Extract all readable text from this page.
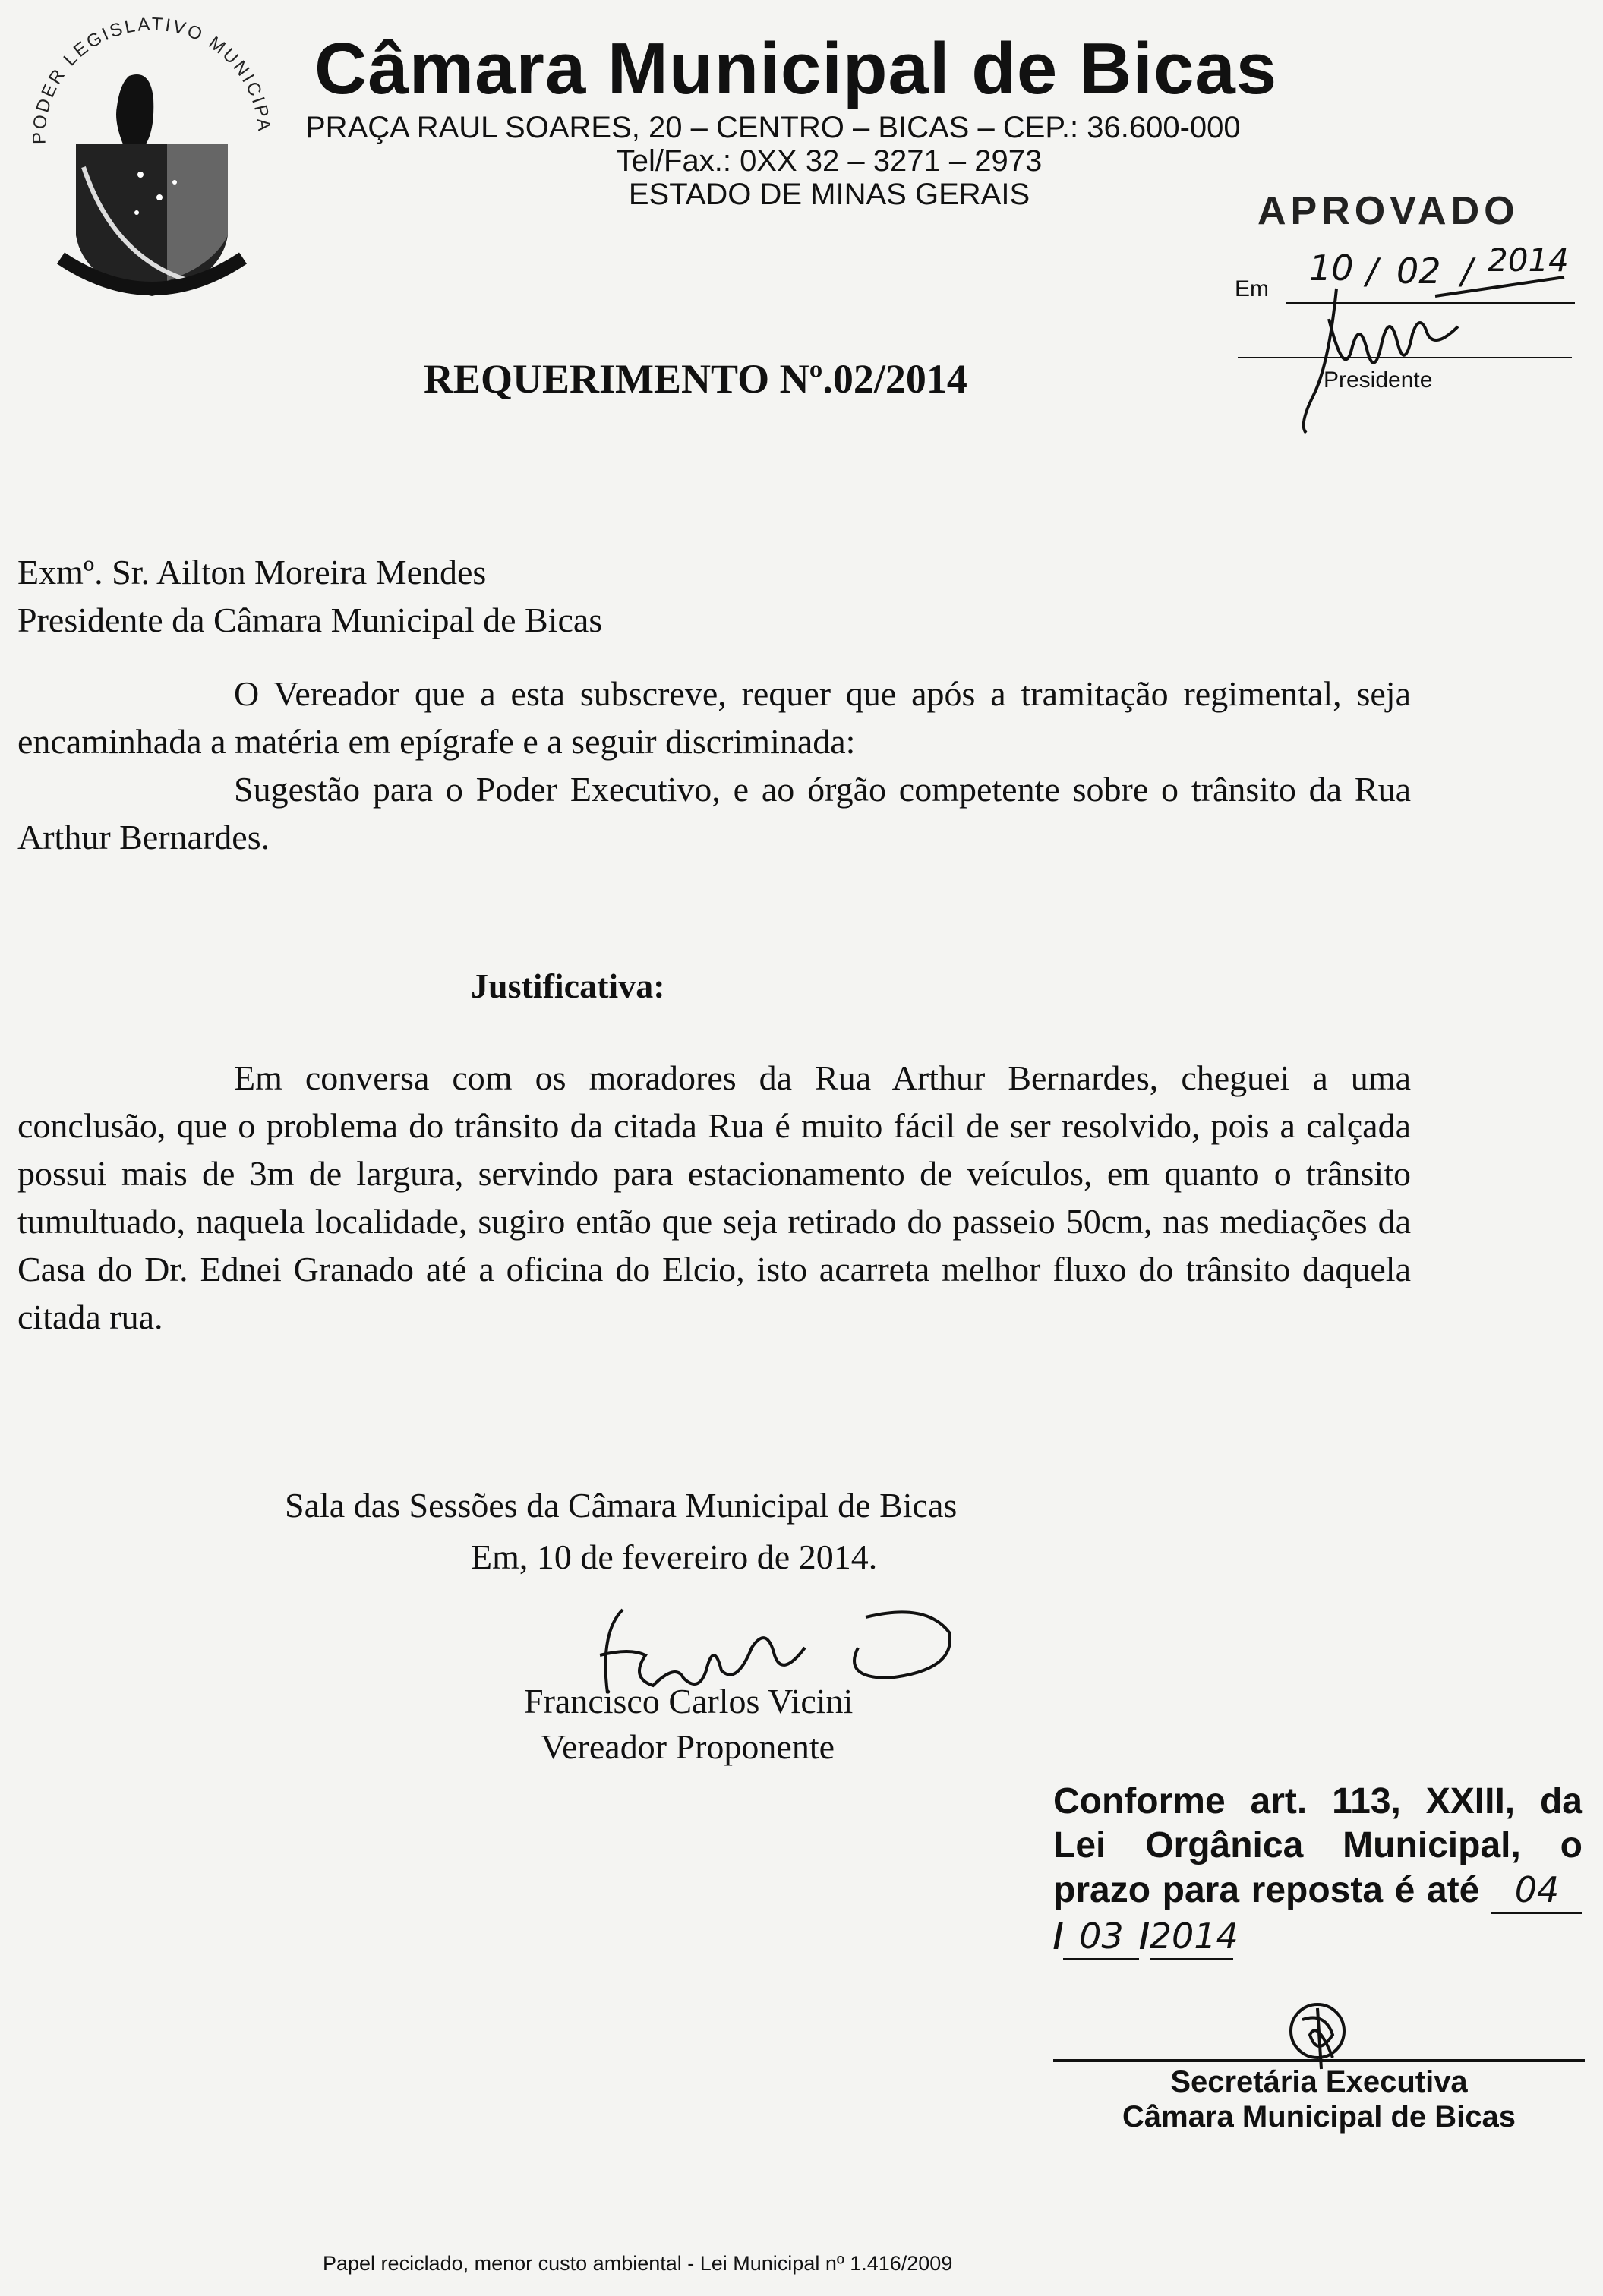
PODER LEGISLATIVO MUNICIPA
Câmara Municipal de Bicas
PRAÇA RAUL SOARES, 20 – CENTRO – BICAS – CEP.: 36.600-000
Tel/Fax.: 0XX 32 – 3271 – 2973
ESTADO DE MINAS GERAIS	APROVADO
Em
10 / 02 / 2014
Presidente
REQUERIMENTO Nº.02/2014
Exmº. Sr. Ailton Moreira Mendes
Presidente da Câmara Municipal de Bicas
O Vereador que a esta subscreve, requer que após a tramitação regimental, seja encaminhada a matéria em epígrafe e a seguir discriminada:
Sugestão para o Poder Executivo, e ao órgão competente sobre o trânsito da Rua Arthur Bernardes.
Justificativa:
Em conversa com os moradores da Rua Arthur Bernardes, cheguei a uma conclusão, que o problema do trânsito da citada Rua é muito fácil de ser resolvido, pois a calçada possui mais de 3m de largura, servindo para estacionamento de veículos, em quanto o trânsito tumultuado, naquela localidade, sugiro então que seja retirado do passeio 50cm, nas mediações da Casa do Dr. Ednei Granado até a oficina do Elcio, isto acarreta melhor fluxo do trânsito daquela citada rua.
Sala das Sessões da Câmara Municipal de Bicas
Em, 10 de fevereiro de 2014.
Francisco Carlos Vicini
Vereador Proponente
Conforme art. 113, XXIII, da Lei Orgânica Municipal, o prazo para reposta é até 04/ 03 /2014
Secretária Executiva
Câmara Municipal de Bicas
Papel reciclado, menor custo ambiental - Lei Municipal nº 1.416/2009
